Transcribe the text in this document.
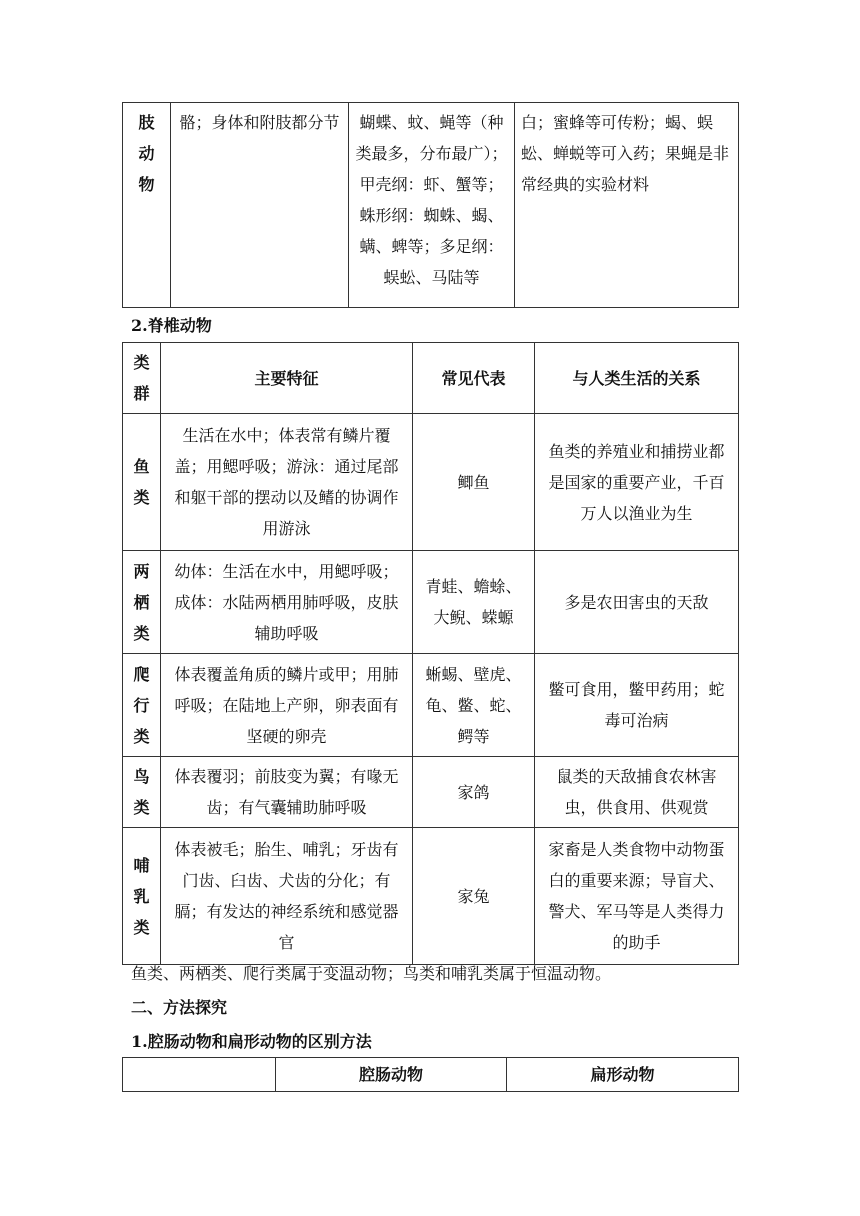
肢
动
物
	骼；身体和附肢都分节	蝴蝶、蚊、蝇等（种类最多，分布最广）；甲壳纲：虾、蟹等；蛛形纲：蜘蛛、蝎、螨、蜱等；多足纲：蜈蚣、马陆等	白；蜜蜂等可传粉；蝎、蜈蚣、蝉蜕等可入药；果蝇是非常经典的实验材料
2.脊椎动物
类
群	主要特征	常见代表	与人类生活的关系

鱼
类	生活在水中；体表常有鳞片覆盖；用鳃呼吸；游泳：通过尾部和躯干部的摆动以及鳍的协调作用游泳	鲫鱼	鱼类的养殖业和捕捞业都是国家的重要产业，千百万人以渔业为生

两
栖
类	幼体：生活在水中，用鳃呼吸；成体：水陆两栖用肺呼吸，皮肤辅助呼吸	青蛙、蟾蜍、大鲵、蝾螈	多是农田害虫的天敌

爬
行
类	体表覆盖角质的鳞片或甲；用肺呼吸；在陆地上产卵，卵表面有坚硬的卵壳	蜥蜴、壁虎、龟、鳖、蛇、鳄等	鳖可食用，鳖甲药用；蛇毒可治病

鸟
类	体表覆羽；前肢变为翼；有喙无齿；有气囊辅助肺呼吸	家鸽	鼠类的天敌捕食农林害虫，供食用、供观赏

哺
乳
类	体表被毛；胎生、哺乳；牙齿有门齿、臼齿、犬齿的分化；有膈；有发达的神经系统和感觉器官	家兔	家畜是人类食物中动物蛋白的重要来源；导盲犬、警犬、军马等是人类得力的助手
鱼类、两栖类、爬行类属于变温动物；鸟类和哺乳类属于恒温动物。
二、方法探究
1.腔肠动物和扁形动物的区别方法
	腔肠动物	扁形动物
